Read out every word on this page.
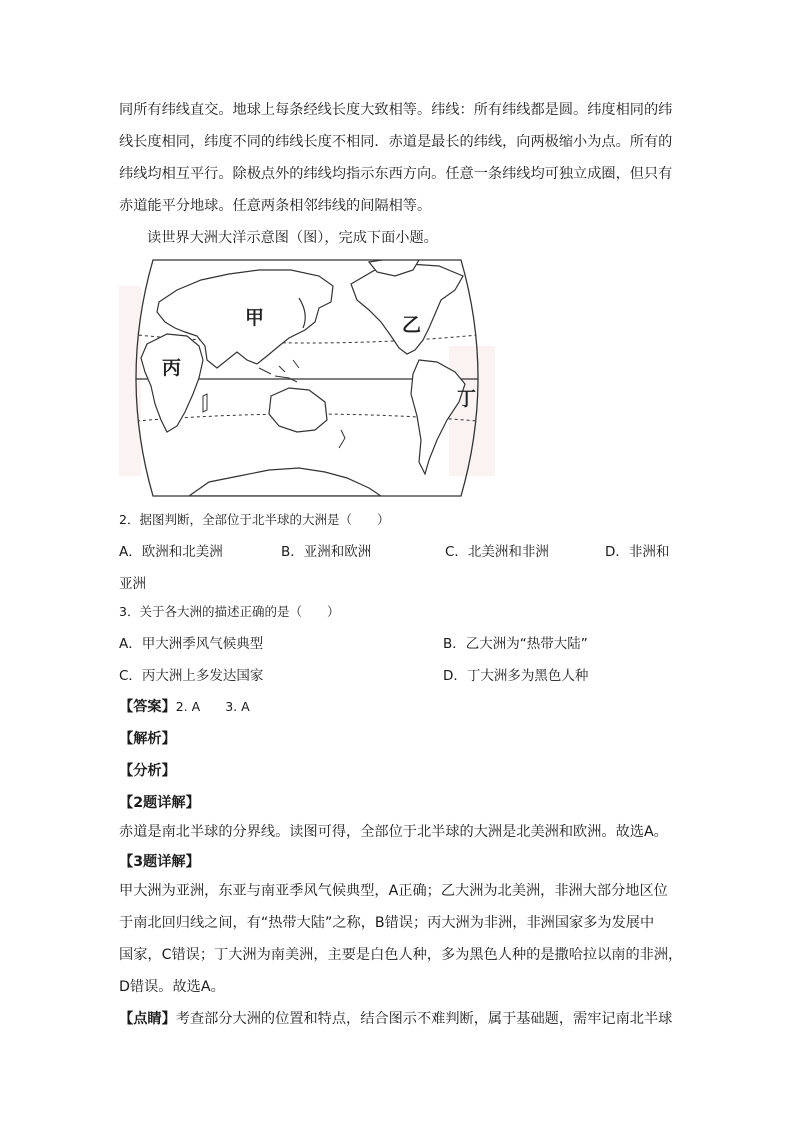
同所有纬线直交。地球上每条经线长度大致相等。纬线：所有纬线都是圆。纬度相同的纬
线长度相同，纬度不同的纬线长度不相同．赤道是最长的纬线，向两极缩小为点。所有的
纬线均相互平行。除极点外的纬线均指示东西方向。任意一条纬线均可独立成圈，但只有
赤道能平分地球。任意两条相邻纬线的间隔相等。
读世界大洲大洋示意图（图），完成下面小题。
甲	乙
丙
丁
2．据图判断，全部位于北半球的大洲是（　　）
A．欧洲和北美洲	B．亚洲和欧洲	C．北美洲和非洲	D．非洲和
亚洲
3．关于各大洲的描述正确的是（　　）
A．甲大洲季风气候典型	B．乙大洲为“热带大陆”
C．丙大洲上多发达国家	D．丁大洲多为黑色人种
【答案】2. A　　3. A
【解析】
【分析】
【2题详解】
赤道是南北半球的分界线。读图可得，全部位于北半球的大洲是北美洲和欧洲。故选A。
【3题详解】
甲大洲为亚洲，东亚与南亚季风气候典型，A正确；乙大洲为北美洲，非洲大部分地区位
于南北回归线之间，有“热带大陆”之称，B错误；丙大洲为非洲，非洲国家多为发展中
国家，C错误；丁大洲为南美洲，主要是白色人种，多为黑色人种的是撒哈拉以南的非洲，
D错误。故选A。
【点睛】考查部分大洲的位置和特点，结合图示不难判断，属于基础题，需牢记南北半球
